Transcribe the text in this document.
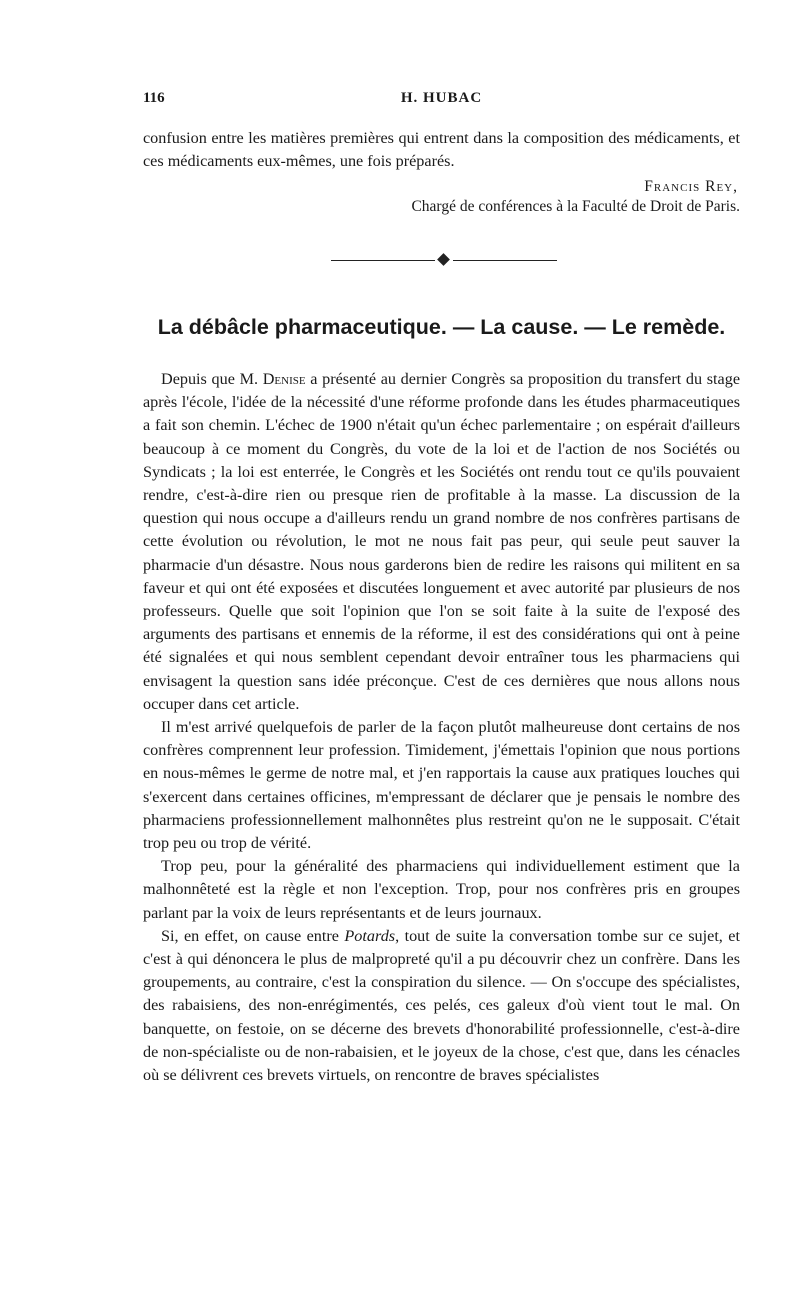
116	H. HUBAC
confusion entre les matières premières qui entrent dans la composition des médicaments, et ces médicaments eux-mêmes, une fois préparés.
Francis Rey,
Chargé de conférences à la Faculté de Droit de Paris.
La débâcle pharmaceutique. — La cause. — Le remède.

Depuis que M. Denise a présenté au dernier Congrès sa proposition du transfert du stage après l'école, l'idée de la nécessité d'une réforme profonde dans les études pharmaceutiques a fait son chemin. L'échec de 1900 n'était qu'un échec parlementaire ; on espérait d'ailleurs beaucoup à ce moment du Congrès, du vote de la loi et de l'action de nos Sociétés ou Syndicats ; la loi est enterrée, le Congrès et les Sociétés ont rendu tout ce qu'ils pouvaient rendre, c'est-à-dire rien ou presque rien de profitable à la masse. La discussion de la question qui nous occupe a d'ailleurs rendu un grand nombre de nos confrères partisans de cette évolution ou révolution, le mot ne nous fait pas peur, qui seule peut sauver la pharmacie d'un désastre. Nous nous garderons bien de redire les raisons qui militent en sa faveur et qui ont été exposées et discutées longuement et avec autorité par plusieurs de nos professeurs. Quelle que soit l'opinion que l'on se soit faite à la suite de l'exposé des arguments des partisans et ennemis de la réforme, il est des considérations qui ont à peine été signalées et qui nous semblent cependant devoir entraîner tous les pharmaciens qui envisagent la question sans idée préconçue. C'est de ces dernières que nous allons nous occuper dans cet article.

Il m'est arrivé quelquefois de parler de la façon plutôt malheureuse dont certains de nos confrères comprennent leur profession. Timidement, j'émettais l'opinion que nous portions en nous-mêmes le germe de notre mal, et j'en rapportais la cause aux pratiques louches qui s'exercent dans certaines officines, m'empressant de déclarer que je pensais le nombre des pharmaciens professionnellement malhonnêtes plus restreint qu'on ne le supposait. C'était trop peu ou trop de vérité.

Trop peu, pour la généralité des pharmaciens qui individuellement estiment que la malhonnêteté est la règle et non l'exception. Trop, pour nos confrères pris en groupes parlant par la voix de leurs représentants et de leurs journaux.

Si, en effet, on cause entre Potards, tout de suite la conversation tombe sur ce sujet, et c'est à qui dénoncera le plus de malpropreté qu'il a pu découvrir chez un confrère. Dans les groupements, au contraire, c'est la conspiration du silence. — On s'occupe des spécialistes, des rabaisiens, des non-enrégimentés, ces pelés, ces galeux d'où vient tout le mal. On banquette, on festoie, on se décerne des brevets d'honorabilité professionnelle, c'est-à-dire de non-spécialiste ou de non-rabaisien, et le joyeux de la chose, c'est que, dans les cénacles où se délivrent ces brevets virtuels, on rencontre de braves spécialistes
